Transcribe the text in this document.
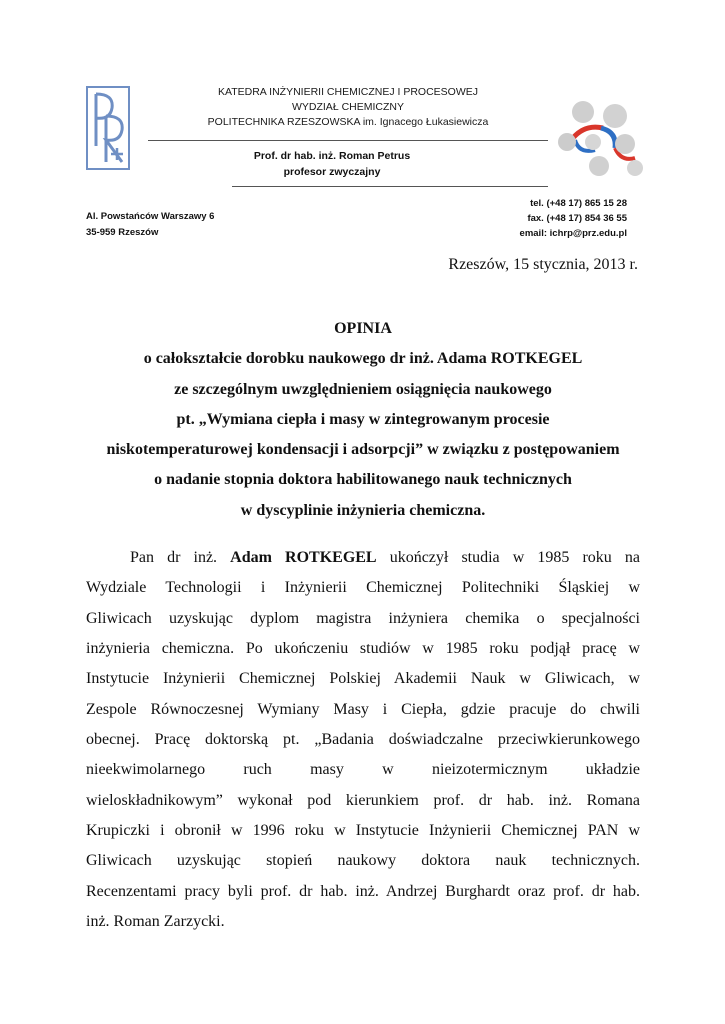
KATEDRA INŻYNIERII CHEMICZNEJ I PROCESOWEJ
WYDZIAŁ CHEMICZNY
POLITECHNIKA RZESZOWSKA im. Ignacego Łukasiewicza
Prof. dr hab. inż. Roman Petrus
profesor zwyczajny
Al. Powstańców Warszawy 6
35-959 Rzeszów
tel. (+48 17) 865 15 28
fax. (+48 17) 854 36 55
email: ichrp@prz.edu.pl
Rzeszów, 15 stycznia, 2013 r.
OPINIA
o całokształcie dorobku naukowego dr inż. Adama ROTKEGEL
ze szczególnym uwzględnieniem osiągnięcia naukowego
pt. „Wymiana ciepła i masy w zintegrowanym procesie
niskotemperaturowej kondensacji i adsorpcji” w związku z postępowaniem
o nadanie stopnia doktora habilitowanego nauk technicznych
w dyscyplinie inżynieria chemiczna.
Pan dr inż. Adam ROTKEGEL ukończył studia w 1985 roku na
Wydziale Technologii i Inżynierii Chemicznej Politechniki Śląskiej w
Gliwicach uzyskując dyplom magistra inżyniera chemika o specjalności
inżynieria chemiczna. Po ukończeniu studiów w 1985 roku podjął pracę w
Instytucie Inżynierii Chemicznej Polskiej Akademii Nauk w Gliwicach, w
Zespole Równoczesnej Wymiany Masy i Ciepła, gdzie pracuje do chwili
obecnej. Pracę doktorską pt. „Badania doświadczalne przeciwkierunkowego
nieekwimolarnego ruch masy w nieizotermicznym układzie
wieloskładnikowym” wykonał pod kierunkiem prof. dr hab. inż. Romana
Krupiczki i obronił w 1996 roku w Instytucie Inżynierii Chemicznej PAN w
Gliwicach uzyskując stopień naukowy doktora nauk technicznych.
Recenzentami pracy byli prof. dr hab. inż. Andrzej Burghardt oraz prof. dr hab.
inż. Roman Zarzycki.
